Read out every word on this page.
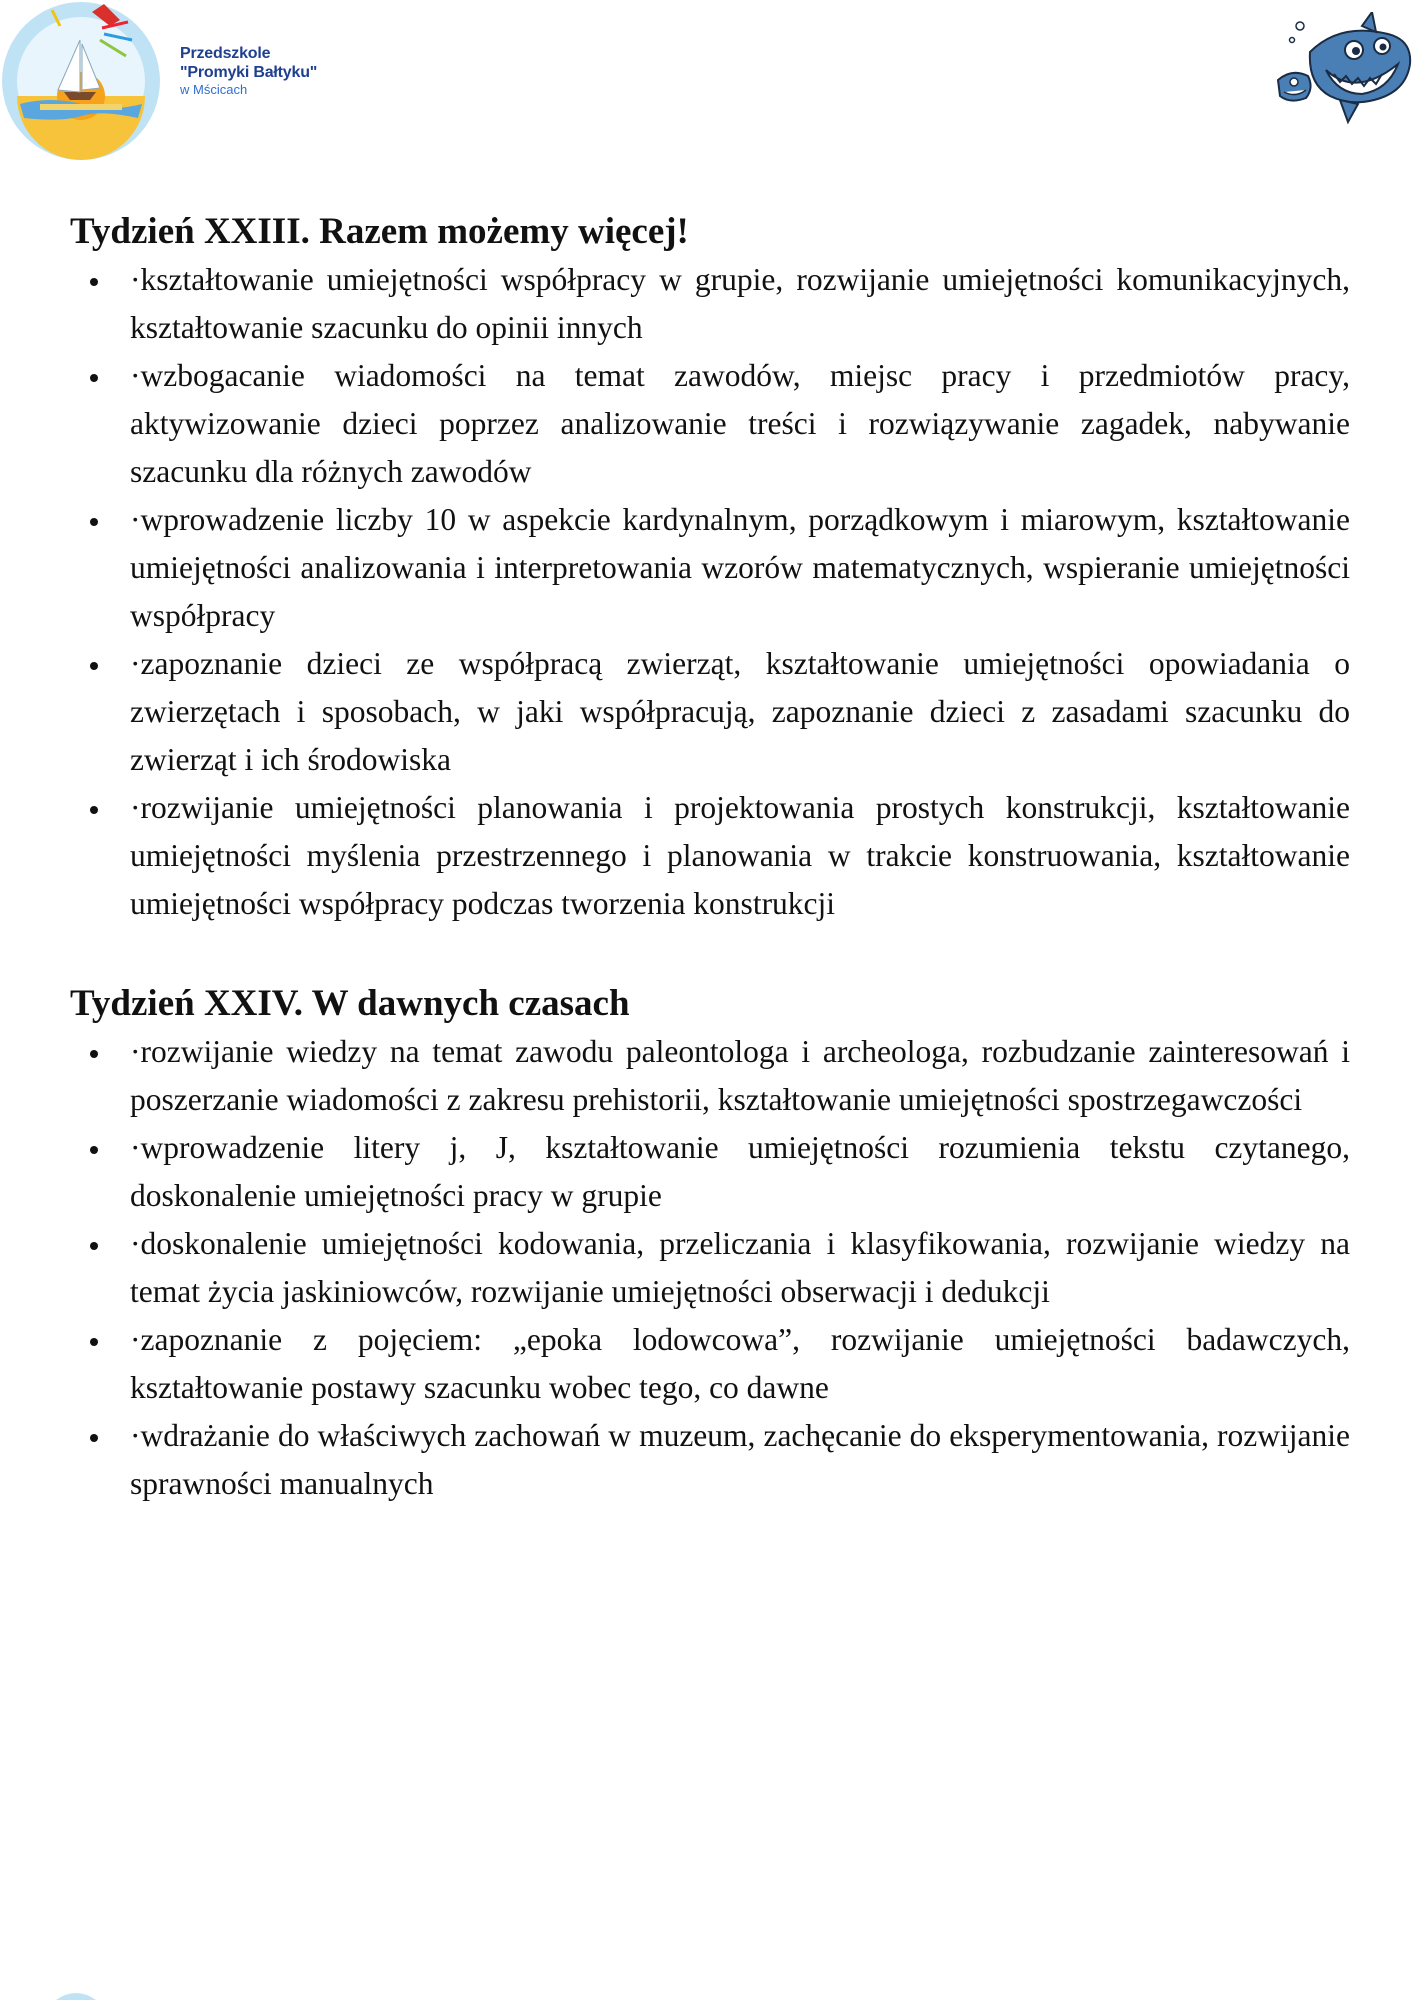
Przedszkole
"Promyki Bałtyku"
w Mścicach
Tydzień XXIII. Razem możemy więcej!
·kształtowanie umiejętności współpracy w grupie, rozwijanie umiejętności komunikacyjnych, kształtowanie szacunku do opinii innych
·wzbogacanie wiadomości na temat zawodów, miejsc pracy i przedmiotów pracy, aktywizowanie dzieci poprzez analizowanie treści i rozwiązywanie zagadek, nabywanie szacunku dla różnych zawodów
·wprowadzenie liczby 10 w aspekcie kardynalnym, porządkowym i miarowym, kształtowanie umiejętności analizowania i interpretowania wzorów matematycznych, wspieranie umiejętności współpracy
·zapoznanie dzieci ze współpracą zwierząt, kształtowanie umiejętności opowiadania o zwierzętach i sposobach, w jaki współpracują, zapoznanie dzieci z zasadami szacunku do zwierząt i ich środowiska
·rozwijanie umiejętności planowania i projektowania prostych konstrukcji, kształtowanie umiejętności myślenia przestrzennego i planowania w trakcie konstruowania, kształtowanie umiejętności współpracy podczas tworzenia konstrukcji
Tydzień XXIV. W dawnych czasach
·rozwijanie wiedzy na temat zawodu paleontologa i archeologa, rozbudzanie zainteresowań i poszerzanie wiadomości z zakresu prehistorii, kształtowanie umiejętności spostrzegawczości
·wprowadzenie litery j, J, kształtowanie umiejętności rozumienia tekstu czytanego, doskonalenie umiejętności pracy w grupie
·doskonalenie umiejętności kodowania, przeliczania i klasyfikowania, rozwijanie wiedzy na temat życia jaskiniowców, rozwijanie umiejętności obserwacji i dedukcji
·zapoznanie z pojęciem: „epoka lodowcowa”, rozwijanie umiejętności badawczych, kształtowanie postawy szacunku wobec tego, co dawne
·wdrażanie do właściwych zachowań w muzeum, zachęcanie do eksperymentowania, rozwijanie sprawności manualnych
